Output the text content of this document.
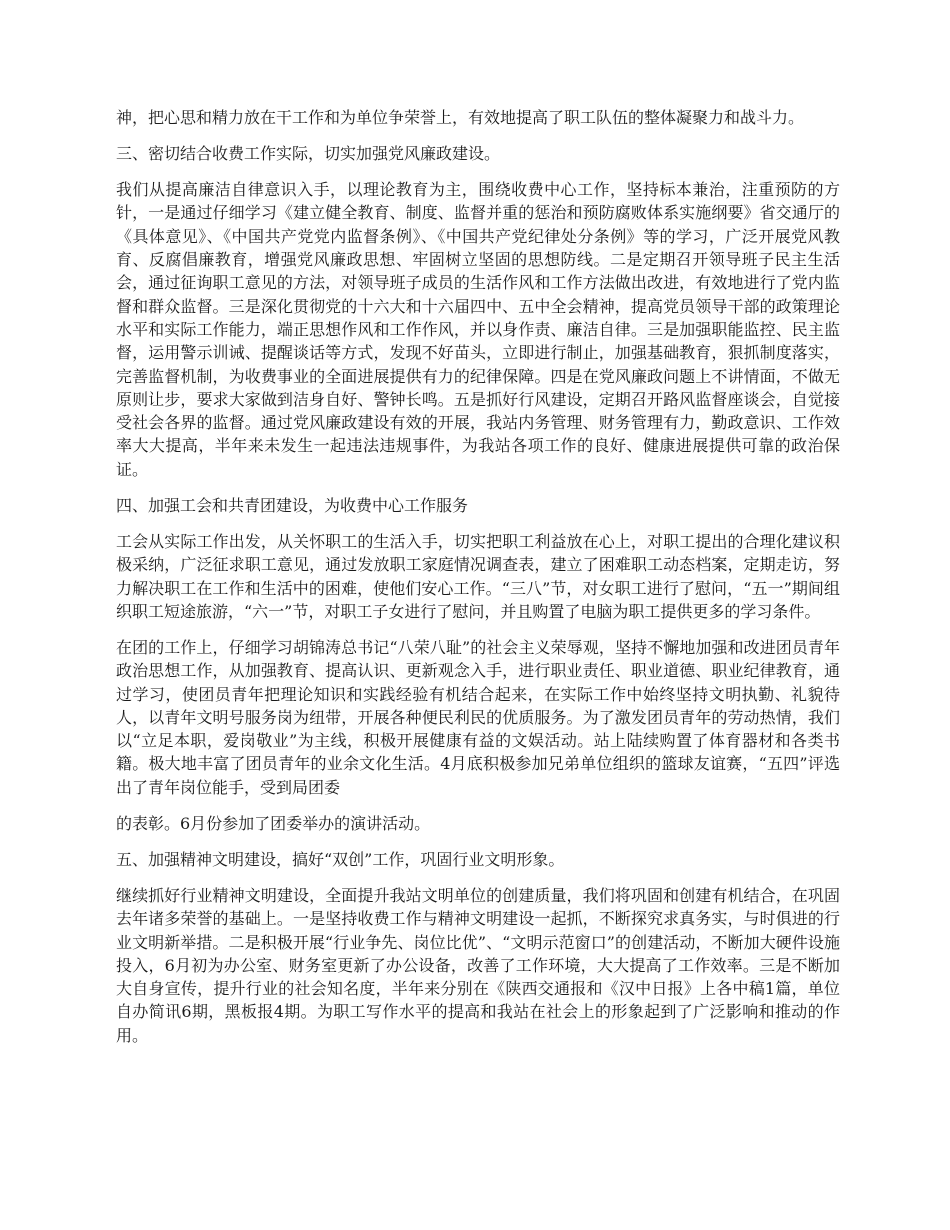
神，把心思和精力放在干工作和为单位争荣誉上，有效地提高了职工队伍的整体凝聚力和战斗力。

三、密切结合收费工作实际，切实加强党风廉政建设。

我们从提高廉洁自律意识入手，以理论教育为主，围绕收费中心工作，坚持标本兼治，注重预防的方针，一是通过仔细学习《建立健全教育、制度、监督并重的惩治和预防腐败体系实施纲要》省交通厅的《具体意见》、《中国共产党党内监督条例》、《中国共产党纪律处分条例》等的学习，广泛开展党风教育、反腐倡廉教育，增强党风廉政思想、牢固树立坚固的思想防线。二是定期召开领导班子民主生活会，通过征询职工意见的方法，对领导班子成员的生活作风和工作方法做出改进，有效地进行了党内监督和群众监督。三是深化贯彻党的十六大和十六届四中、五中全会精神，提高党员领导干部的政策理论水平和实际工作能力，端正思想作风和工作作风，并以身作责、廉洁自律。三是加强职能监控、民主监督，运用警示训诫、提醒谈话等方式，发现不好苗头，立即进行制止，加强基础教育，狠抓制度落实，完善监督机制，为收费事业的全面进展提供有力的纪律保障。四是在党风廉政问题上不讲情面，不做无原则让步，要求大家做到洁身自好、警钟长鸣。五是抓好行风建设，定期召开路风监督座谈会，自觉接受社会各界的监督。通过党风廉政建设有效的开展，我站内务管理、财务管理有力，勤政意识、工作效率大大提高，半年来未发生一起违法违规事件，为我站各项工作的良好、健康进展提供可靠的政治保证。

四、加强工会和共青团建设，为收费中心工作服务

工会从实际工作出发，从关怀职工的生活入手，切实把职工利益放在心上，对职工提出的合理化建议积极采纳，广泛征求职工意见，通过发放职工家庭情况调查表，建立了困难职工动态档案，定期走访，努力解决职工在工作和生活中的困难，使他们安心工作。“三八”节，对女职工进行了慰问，“五一”期间组织职工短途旅游，“六一”节，对职工子女进行了慰问，并且购置了电脑为职工提供更多的学习条件。

在团的工作上，仔细学习胡锦涛总书记“八荣八耻”的社会主义荣辱观，坚持不懈地加强和改进团员青年政治思想工作，从加强教育、提高认识、更新观念入手，进行职业责任、职业道德、职业纪律教育，通过学习，使团员青年把理论知识和实践经验有机结合起来，在实际工作中始终坚持文明执勤、礼貌待人，以青年文明号服务岗为纽带，开展各种便民利民的优质服务。为了激发团员青年的劳动热情，我们以“立足本职，爱岗敬业”为主线，积极开展健康有益的文娱活动。站上陆续购置了体育器材和各类书籍。极大地丰富了团员青年的业余文化生活。4月底积极参加兄弟单位组织的篮球友谊赛，“五四”评选出了青年岗位能手，受到局团委

的表彰。6月份参加了团委举办的演讲活动。

五、加强精神文明建设，搞好“双创”工作，巩固行业文明形象。

继续抓好行业精神文明建设，全面提升我站文明单位的创建质量，我们将巩固和创建有机结合，在巩固去年诸多荣誉的基础上。一是坚持收费工作与精神文明建设一起抓，不断探究求真务实，与时俱进的行业文明新举措。二是积极开展“行业争先、岗位比优”、“文明示范窗口”的创建活动，不断加大硬件设施投入，6月初为办公室、财务室更新了办公设备，改善了工作环境，大大提高了工作效率。三是不断加大自身宣传，提升行业的社会知名度，半年来分别在《陕西交通报和《汉中日报》上各中稿1篇，单位自办简讯6期，黑板报4期。为职工写作水平的提高和我站在社会上的形象起到了广泛影响和推动的作用。
